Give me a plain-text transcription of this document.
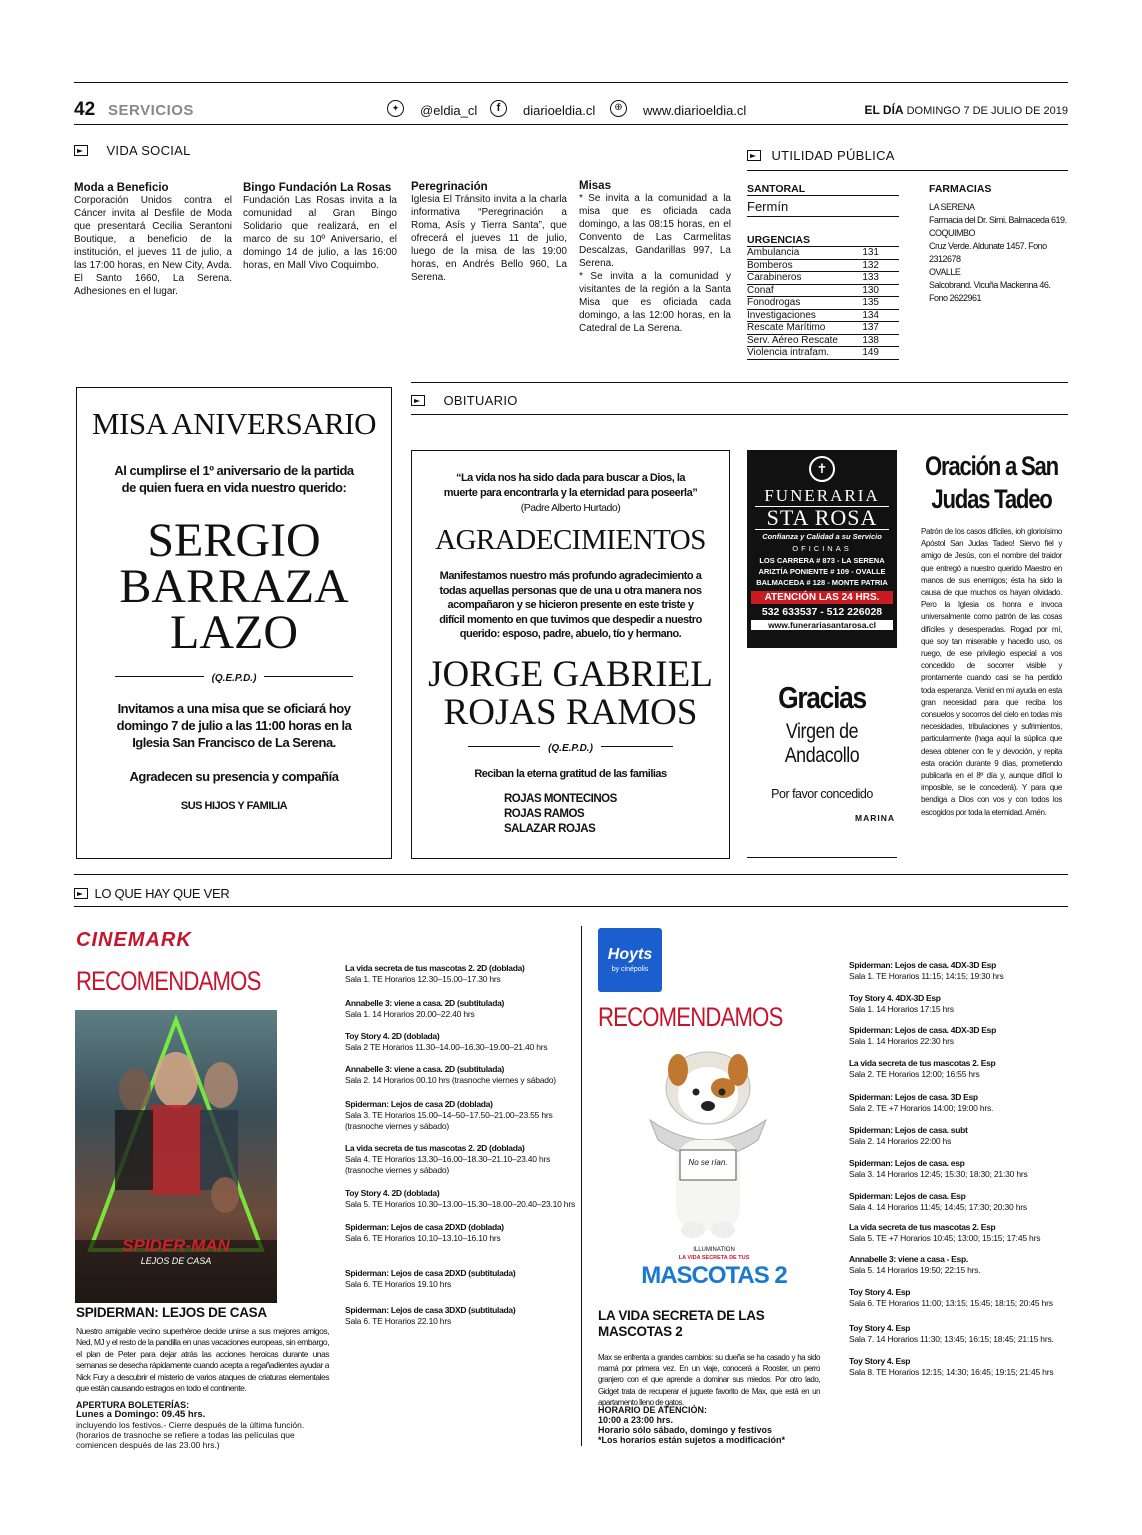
42 SERVICIOS	✦	@eldia_cl	f	diarioeldia.cl	⊕	www.diarioeldia.cl	EL DÍA DOMINGO 7 DE JULIO DE 2019
VIDA SOCIAL
Moda a Beneficio
Corporación Unidos contra el Cáncer invita al Desfile de Moda que presentará Cecilia Serantoni Boutique, a beneficio de la institución, el jueves 11 de julio, a las 17:00 horas, en New City, Avda. El Santo 1660, La Serena. Adhesiones en el lugar.
Bingo Fundación La Rosas
Fundación Las Rosas invita a la comunidad al Gran Bingo Solidario que realizará, en el marco de su 10º Aniversario, el domingo 14 de julio, a las 16:00 horas, en Mall Vivo Coquimbo.
Peregrinación
Iglesia El Tránsito invita a la charla informativa “Peregrinación a Roma, Asís y Tierra Santa”, que ofrecerá el jueves 11 de julio, luego de la misa de las 19:00 horas, en Andrés Bello 960, La Serena.
Misas
* Se invita a la comunidad a la misa que es oficiada cada domingo, a las 08:15 horas, en el Convento de Las Carmelitas Descalzas, Gandarillas 997, La Serena.
* Se invita a la comunidad y visitantes de la región a la Santa Misa que es oficiada cada domingo, a las 12:00 horas, en la Catedral de La Serena.
UTILIDAD PÚBLICA
SANTORAL
Fermín
URGENCIAS
Ambulancia	131
Bomberos	132
Carabineros	133
Conaf	130
Fonodrogas	135
Investigaciones	134
Rescate Marítimo	137
Serv. Aéreo Rescate 138
Violencia intrafam.	149
FARMACIAS
LA SERENA
Farmacia del Dr. Simi. Balmaceda 619.
COQUIMBO
Cruz Verde. Aldunate 1457. Fono 2312678
OVALLE
Salcobrand. Vicuña Mackenna 46. Fono 2622961
OBITUARIO
MISA ANIVERSARIO
Al cumplirse el 1º aniversario de la partida de quien fuera en vida nuestro querido:
SERGIO
BARRAZA
LAZO
(Q.E.P.D.)
Invitamos a una misa que se oficiará hoy domingo 7 de julio a las 11:00 horas en la Iglesia San Francisco de La Serena.
Agradecen su presencia y compañía
SUS HIJOS Y FAMILIA
“La vida nos ha sido dada para buscar a Dios, la muerte para encontrarla y la eternidad para poseerla”
(Padre Alberto Hurtado)
AGRADECIMIENTOS
Manifestamos nuestro más profundo agradecimiento a todas aquellas personas que de una u otra manera nos acompañaron y se hicieron presente en este triste y difícil momento en que tuvimos que despedir a nuestro querido: esposo, padre, abuelo, tío y hermano.
JORGE GABRIEL
ROJAS RAMOS
(Q.E.P.D.)
Reciban la eterna gratitud de las familias
ROJAS MONTECINOS
ROJAS RAMOS
SALAZAR ROJAS
✝
FUNERARIA
STA ROSA
Confianza y Calidad a su Servicio
OFICINAS
LOS CARRERA # 873 - LA SERENA
ARIZTÍA PONIENTE # 109 - OVALLE
BALMACEDA # 128 - MONTE PATRIA
ATENCIÓN LAS 24 HRS.
532 633537 - 512 226028
www.funerariasantarosa.cl
Gracias
Virgen de
Andacollo
Por favor concedido
MARINA
Oración a San
Judas Tadeo
Patrón de los casos difíciles, ioh glorioísimo Apóstol San Judas Tadeo! Siervo fiel y amigo de Jesús, con el nombre del traidor que entregó a nuestro querido Maestro en manos de sus enemigos; ésta ha sido la causa de que muchos os hayan olvidado. Pero la Iglesia os honra e invoca universalmente como patrón de las cosas difíciles y desesperadas. Rogad por mí, que soy tan miserable y hacedlo uso, os ruego, de ese privilegio especial a vos concedido de socorrer visible y prontamente cuando casi se ha perdido toda esperanza. Venid en mi ayuda en esta gran necesidad para que reciba los consuelos y socorros del cielo en todas mis necesidades, tribulaciones y sufrimientos, particularmente (haga aquí la súplica que desea obtener con fe y devoción, y repita esta oración durante 9 días, prometiendo publicarla en el 8º día y, aunque difícil lo imposible, se le concederá). Y para que bendiga a Dios con vos y con todos los escogidos por toda la eternidad. Amén.
LO QUE HAY QUE VER
CINEMARK
RECOMENDAMOS
SPIDER-MAN
LEJOS DE CASA
SPIDERMAN: LEJOS DE CASA
Nuestro amigable vecino superhéroe decide unirse a sus mejores amigos, Ned, MJ y el resto de la pandilla en unas vacaciones europeas, sin embargo, el plan de Peter para dejar atrás las acciones heroicas durante unas semanas se desecha rápidamente cuando acepta a regañadientes ayudar a Nick Fury a descubrir el misterio de varios ataques de criaturas elementales que están causando estragos en todo el continente.
APERTURA BOLETERÍAS:
Lunes a Domingo: 09.45 hrs.
incluyendo los festivos.- Cierre después de la última función. (horarios de trasnoche se refiere a todas las películas que comiencen después de las 23.00 hrs.)
La vida secreta de tus mascotas 2. 2D (doblada)
Sala 1. TE Horarios 12.30–15.00–17.30 hrs
Annabelle 3: viene a casa. 2D (subtitulada)
Sala 1. 14 Horarios 20.00–22.40 hrs
Toy Story 4. 2D (doblada)
Sala 2 TE Horarios 11.30–14.00–16.30–19.00–21.40 hrs
Annabelle 3: viene a casa. 2D (subtitulada)
Sala 2. 14 Horarios 00.10 hrs (trasnoche viernes y sábado)
Spiderman: Lejos de casa 2D (doblada)
Sala 3. TE Horarios 15.00–14–50–17.50–21.00–23.55 hrs (trasnoche viernes y sábado)
La vida secreta de tus mascotas 2. 2D (doblada)
Sala 4. TE Horarios 13.30–16.00–18.30–21.10–23.40 hrs (trasnoche viernes y sábado)
Toy Story 4. 2D (doblada)
Sala 5. TE Horarios 10.30–13.00–15.30–18.00–20.40–23.10 hrs
Spiderman: Lejos de casa 2DXD (doblada)
Sala 6. TE Horarios 10.10–13.10–16.10 hrs
Spiderman: Lejos de casa 2DXD (subtitulada)
Sala 6. TE Horarios 19.10 hrs
Spiderman: Lejos de casa 3DXD (subtitulada)
Sala 6. TE Horarios 22.10 hrs
Hoyts
by cinépolis
RECOMENDAMOS
No se rían.
ILLUMINATION
LA VIDA SECRETA DE TUS
MASCOTAS 2
LA VIDA SECRETA DE LAS MASCOTAS 2
Max se enfrenta a grandes cambios: su dueña se ha casado y ha sido mamá por primera vez. En un viaje, conocerá a Rooster, un perro granjero con el que aprende a dominar sus miedos. Por otro lado, Gidget trata de recuperar el juguete favorito de Max, que está en un apartamento lleno de gatos.
HORARIO DE ATENCIÓN:
10:00 a 23:00 hrs.
Horario sólo sábado, domingo y festivos
*Los horarios están sujetos a modificación*
Spiderman: Lejos de casa. 4DX-3D Esp
Sala 1. TE Horarios 11:15; 14:15; 19:30 hrs
Toy Story 4. 4DX-3D Esp
Sala 1. 14 Horarios 17:15 hrs
Spiderman: Lejos de casa. 4DX-3D Esp
Sala 1. 14 Horarios 22:30 hrs
La vida secreta de tus mascotas 2. Esp
Sala 2. TE Horarios 12:00; 16:55 hrs
Spiderman: Lejos de casa. 3D Esp
Sala 2. TE +7 Horarios 14:00; 19:00 hrs.
Spiderman: Lejos de casa. subt
Sala 2. 14 Horarios 22:00 hs
Spiderman: Lejos de casa. esp
Sala 3. 14 Horarios 12:45; 15:30; 18:30; 21:30 hrs
Spiderman: Lejos de casa. Esp
Sala 4. 14 Horarios 11:45; 14:45; 17:30; 20:30 hrs
La vida secreta de tus mascotas 2. Esp
Sala 5. TE +7 Horarios 10:45; 13:00; 15:15; 17:45 hrs
Annabelle 3: viene a casa - Esp.
Sala 5. 14 Horarios 19:50; 22:15 hrs.
Toy Story 4. Esp
Sala 6. TE Horarios 11:00; 13:15; 15:45; 18:15; 20:45 hrs
Toy Story 4. Esp
Sala 7. 14 Horarios 11:30; 13:45; 16:15; 18:45; 21:15 hrs.
Toy Story 4. Esp
Sala 8. TE Horarios 12:15; 14:30; 16:45; 19:15; 21:45 hrs
